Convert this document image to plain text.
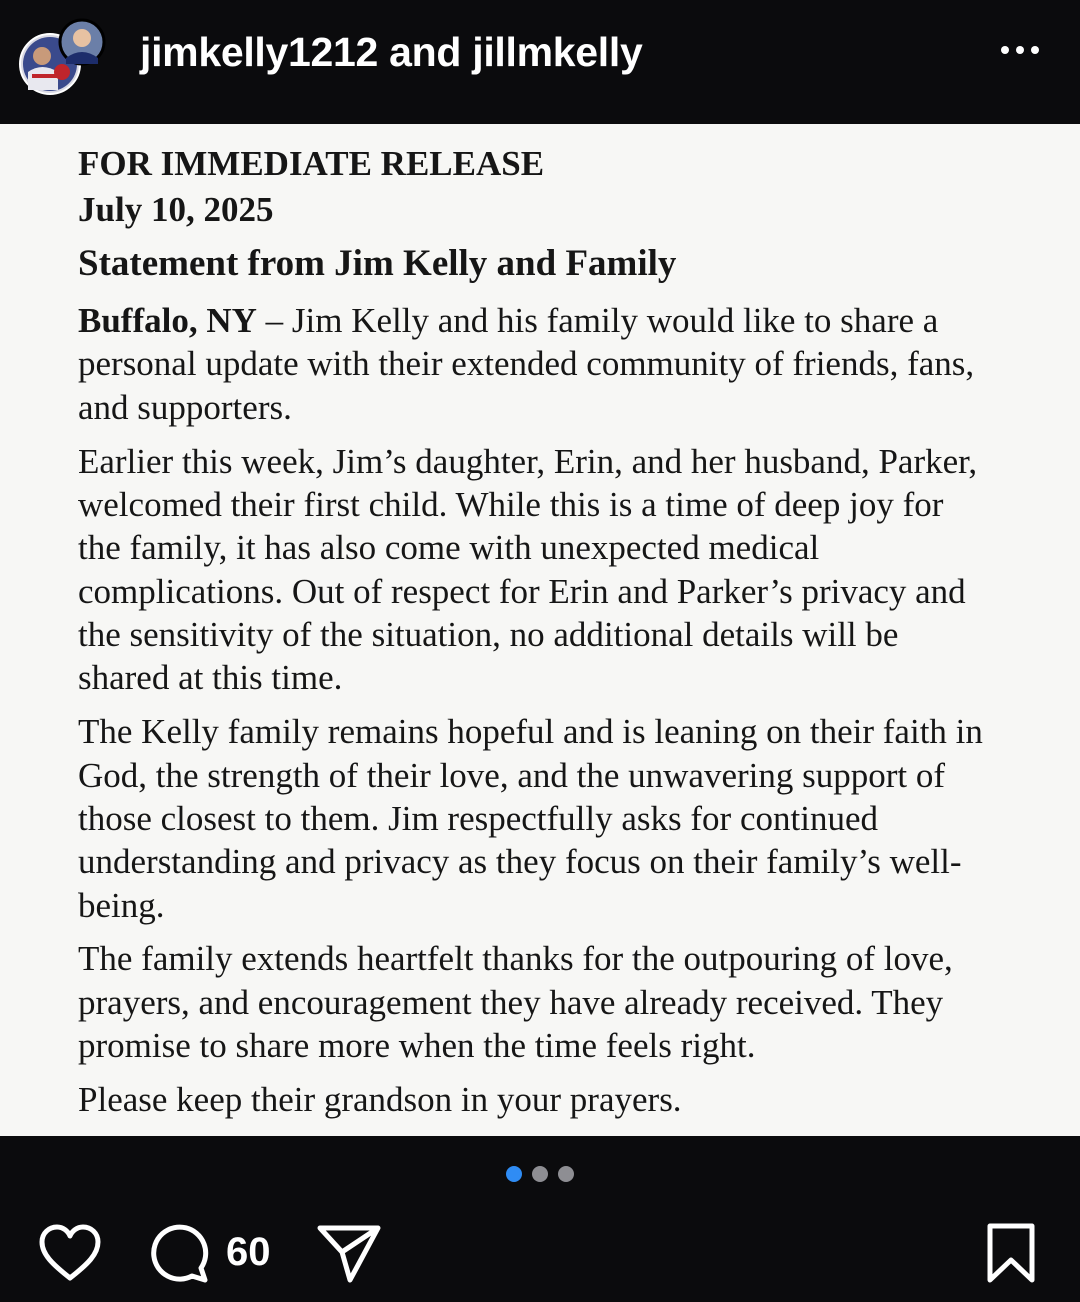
jimkelly1212 and jillmkelly
FOR IMMEDIATE RELEASE
July 10, 2025
Statement from Jim Kelly and Family
Buffalo, NY – Jim Kelly and his family would like to share a
personal update with their extended community of friends, fans,
and supporters.
Earlier this week, Jim’s daughter, Erin, and her husband, Parker,
welcomed their first child. While this is a time of deep joy for
the family, it has also come with unexpected medical
complications. Out of respect for Erin and Parker’s privacy and
the sensitivity of the situation, no additional details will be
shared at this time.
The Kelly family remains hopeful and is leaning on their faith in
God, the strength of their love, and the unwavering support of
those closest to them. Jim respectfully asks for continued
understanding and privacy as they focus on their family’s well-
being.
The family extends heartfelt thanks for the outpouring of love,
prayers, and encouragement they have already received. They
promise to share more when the time feels right.
Please keep their grandson in your prayers.
60
